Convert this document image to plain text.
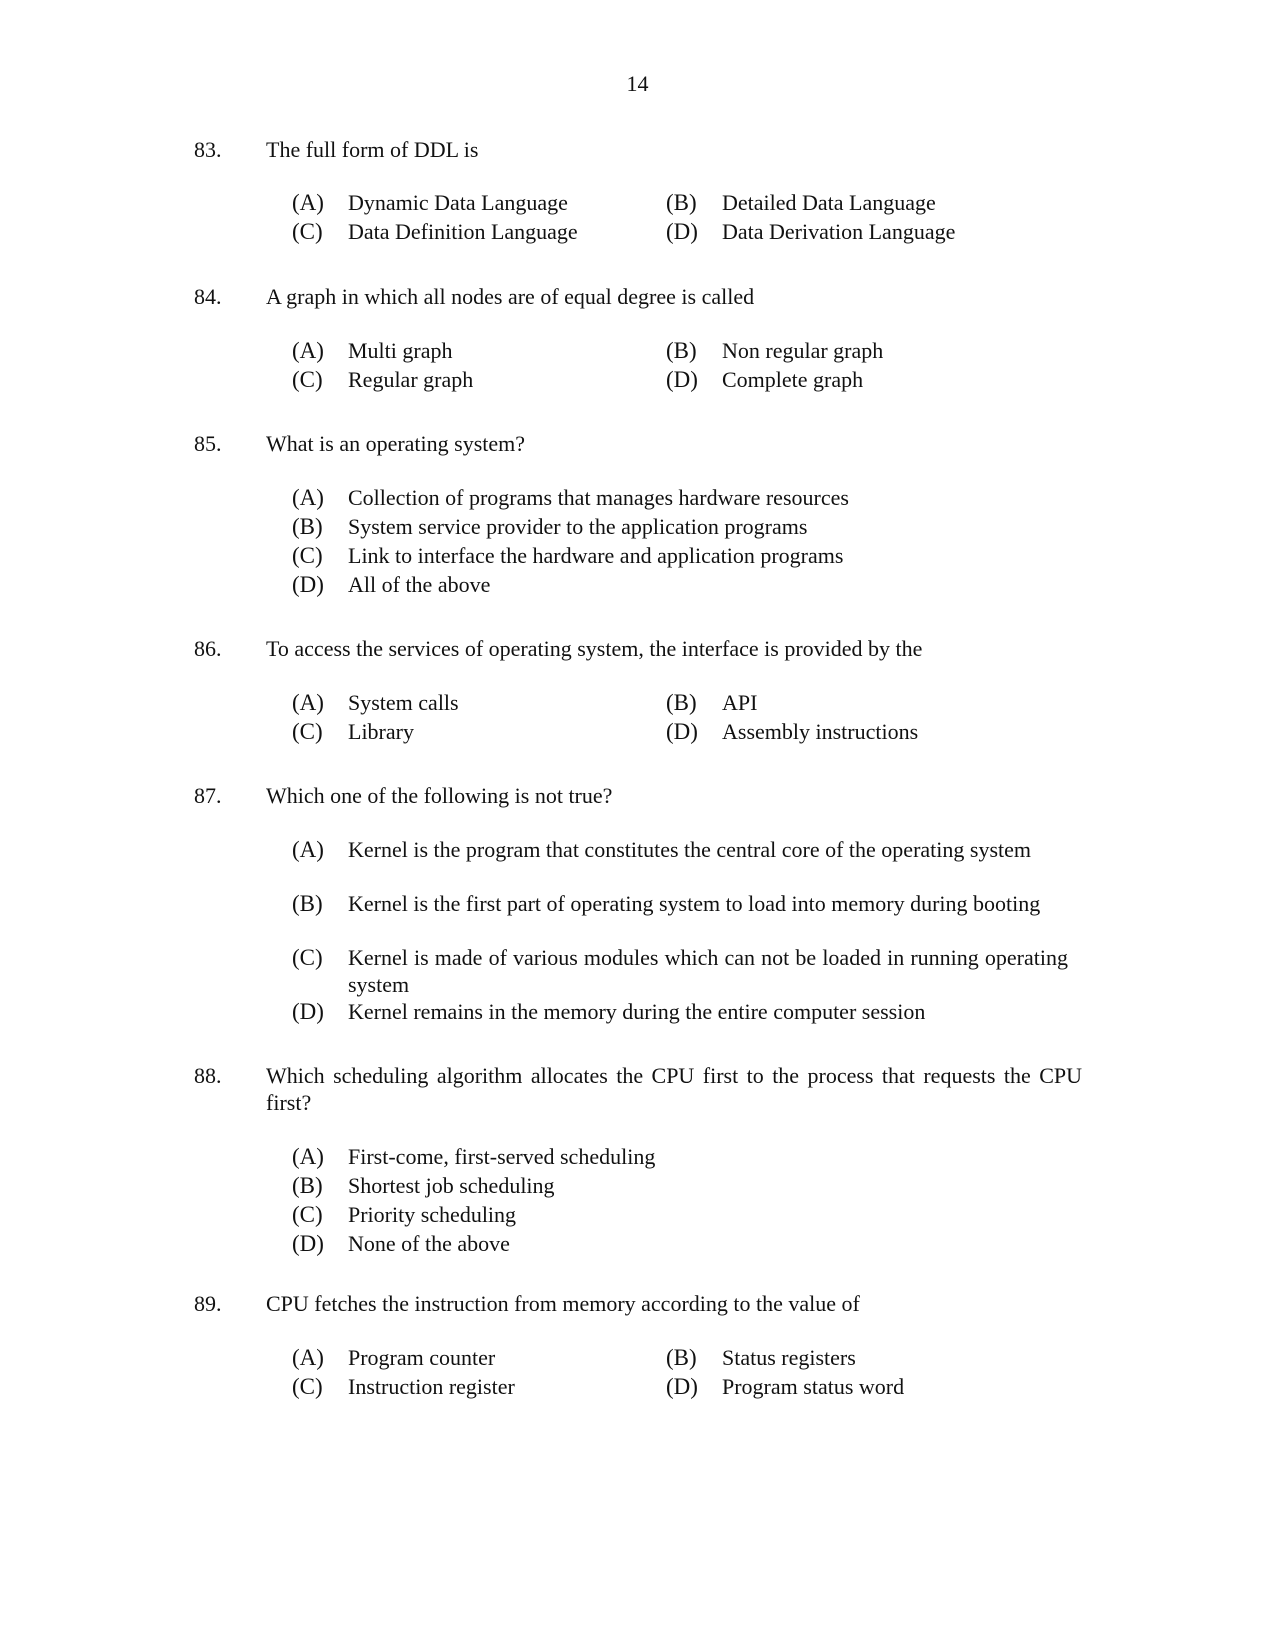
14
83. The full form of DDL is
(A) Dynamic Data Language	(B) Detailed Data Language
(C) Data Definition Language	(D) Data Derivation Language
84. A graph in which all nodes are of equal degree is called
(A) Multi graph	(B) Non regular graph
(C) Regular graph	(D) Complete graph
85. What is an operating system?
(A) Collection of programs that manages hardware resources
(B) System service provider to the application programs
(C) Link to interface the hardware and application programs
(D) All of the above
86. To access the services of operating system, the interface is provided by the
(A) System calls	(B) API
(C) Library	(D) Assembly instructions
87. Which one of the following is not true?
(A) Kernel is the program that constitutes the central core of the operating system
(B) Kernel is the first part of operating system to load into memory during booting
(C) Kernel is made of various modules which can not be loaded in running operating system
(D) Kernel remains in the memory during the entire computer session
88. Which scheduling algorithm allocates the CPU first to the process that requests the CPU first?
(A) First-come, first-served scheduling
(B) Shortest job scheduling
(C) Priority scheduling
(D) None of the above
89. CPU fetches the instruction from memory according to the value of
(A) Program counter	(B) Status registers
(C) Instruction register	(D) Program status word
